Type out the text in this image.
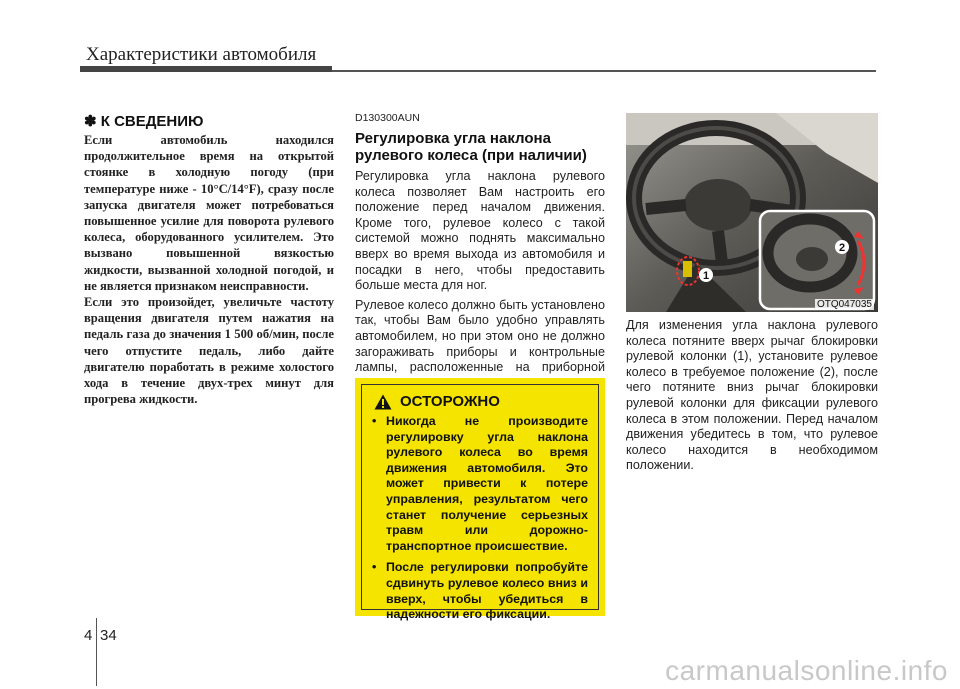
Характеристики автомобиля
✽ К СВЕДЕНИЮ

Если автомобиль находился продолжительное время на открытой стоянке в холодную погоду (при температуре ниже - 10°C/14°F), сразу после запуска двигателя может потребоваться повышенное усилие для поворота рулевого колеса, оборудованного усилителем. Это вызвано повышенной вязкостью жидкости, вызванной холодной погодой, и не является признаком неисправности.

Если это произойдет, увеличьте частоту вращения двигателя путем нажатия на педаль газа до значения 1 500 об/мин, после чего отпустите педаль, либо дайте двигателю поработать в режиме холостого хода в течение двух-трех минут для прогрева жидкости.

D130300AUN

Регулировка угла наклона рулевого колеса (при наличии)

Регулировка угла наклона рулевого колеса позволяет Вам настроить его положение перед началом движения. Кроме того, рулевое колесо с такой системой можно поднять максимально вверх во время выхода из автомобиля и посадки в него, чтобы предоставить больше места для ног.

Рулевое колесо должно быть установлено так, чтобы Вам было удобно управлять автомобилем, но при этом оно не должно загораживать приборы и контрольные лампы, расположенные на приборной

ОСТОРОЖНО
• Никогда не производите регулировку угла наклона рулевого колеса во время движения автомобиля. Это может привести к потере управления, результатом чего станет получение серьезных травм или дорожно-транспортное происшествие.
• После регулировки попробуйте сдвинуть рулевое колесо вниз и вверх, чтобы убедиться в надежности его фиксации.
1
2
OTQ047035

Для изменения угла наклона рулевого колеса потяните вверх рычаг блокировки рулевой колонки (1), установите рулевое колесо в требуемое положение (2), после чего потяните вниз рычаг блокировки рулевой колонки для фиксации рулевого колеса в этом положении. Перед началом движения убедитесь в том, что рулевое колесо находится в необходимом положении.

4 34
carmanualsonline.info
